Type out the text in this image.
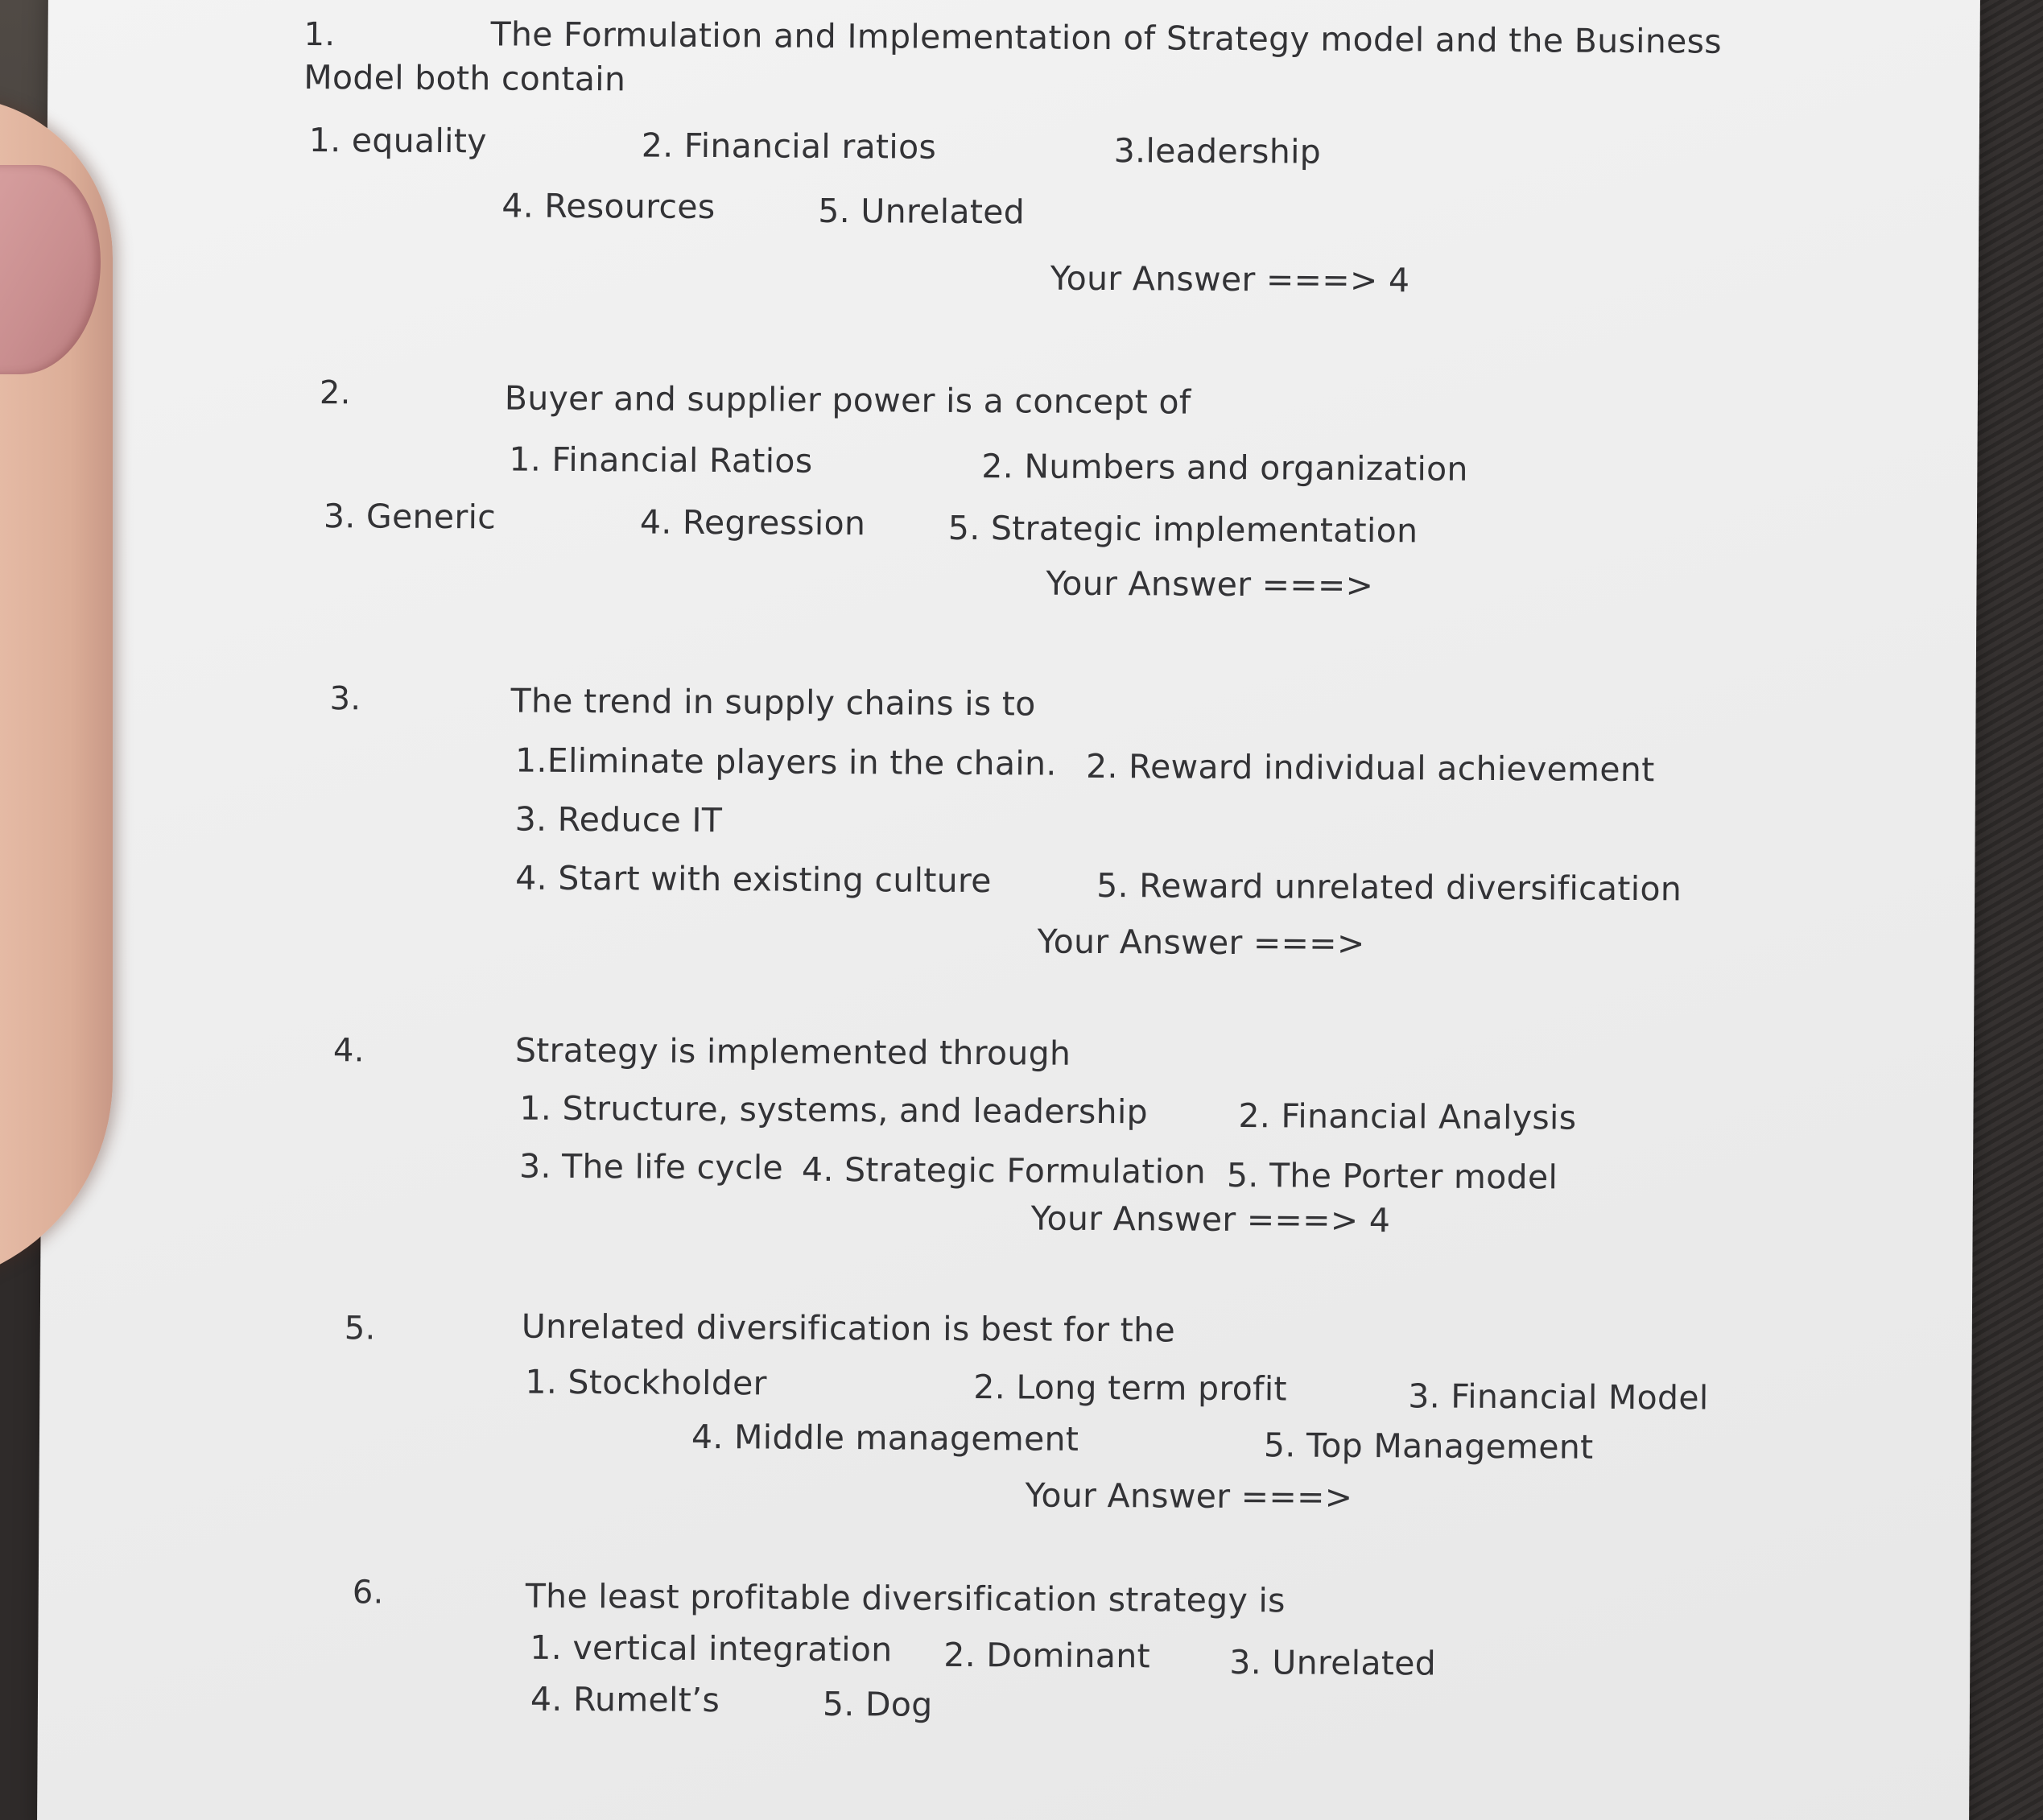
1.	The Formulation and Implementation of Strategy model and the Business
Model both contain
1. equality	2. Financial ratios	3.leadership
4. Resources	5. Unrelated
Your Answer ===> 4
2.	Buyer and supplier power is a concept of
1. Financial Ratios	2. Numbers and organization
3. Generic	4. Regression 5. Strategic implementation
Your Answer ===>
3.	The trend in supply chains is to
1.Eliminate players in the chain. 2. Reward individual achievement
3. Reduce IT
4. Start with existing culture	5. Reward unrelated diversification
Your Answer ===>
4.	Strategy is implemented through
1. Structure, systems, and leadership	2. Financial Analysis
3. The life cycle 4. Strategic Formulation 5. The Porter model
Your Answer ===> 4
5.	Unrelated diversification is best for the
1. Stockholder	2. Long term profit	3. Financial Model
4. Middle management	5. Top Management
Your Answer ===>
6.	The least profitable diversification strategy is
1. vertical integration 2. Dominant 3. Unrelated
4. Rumelt’s	5. Dog
